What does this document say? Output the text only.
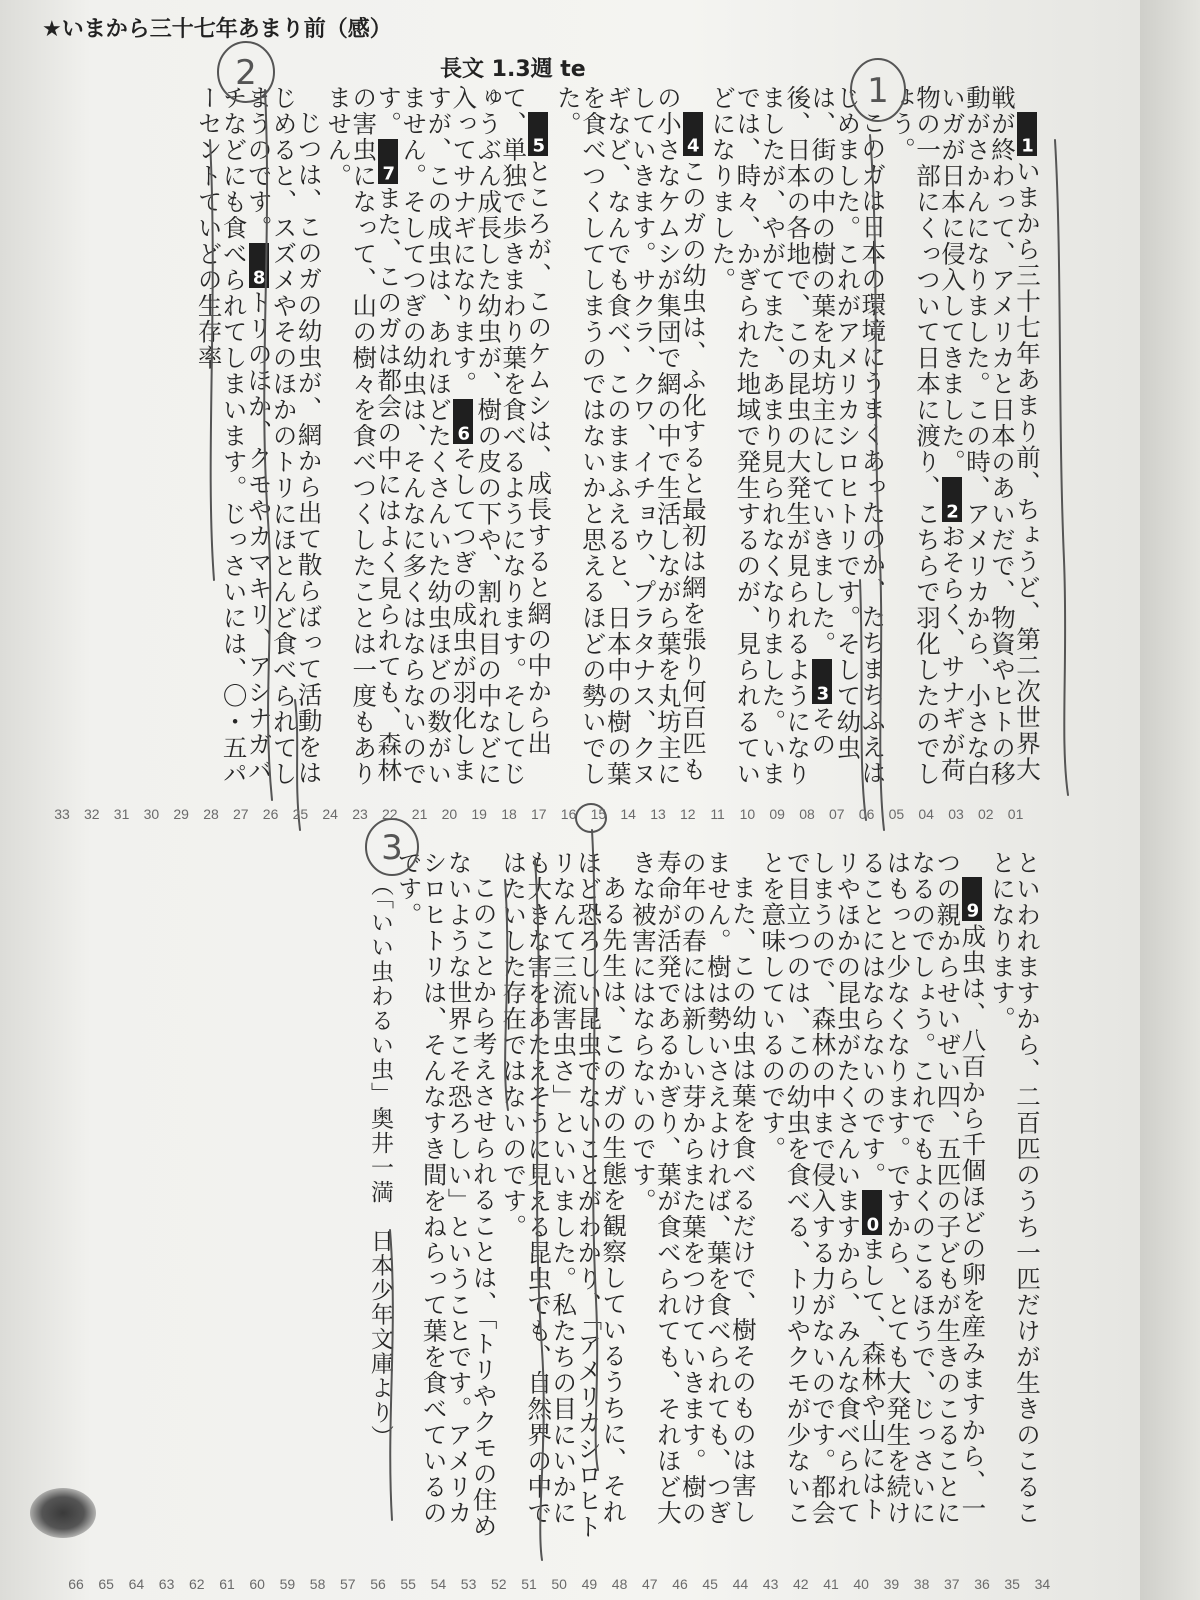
★いまから三十七年あまり前（感）
長文 1.3週 te

1いまから三十七年あまり前、ちょうど、第二次世界大戦が終わって、アメリカと日本のあいだで、物資やヒトの移動がさかんになりました。この時、アメリカから、小さな白いガが日本に侵入してきました。2おそらく、サナギが荷物の一部にくっついて日本に渡り、こちらで羽化したのでしょう。

このガは日本の環境にうまくあったのか、たちまちふえはじめました。これがアメリカシロヒトリです。そして幼虫は、街の中の樹の葉を丸坊主にしていきました。3その後、日本の各地で、この昆虫の大発生が見られるようになりましたが、やがてまた、あまり見られなくなりました。いまでは、時々、かぎられた地域で発生するのが、見られるていどになりました。

4このガの幼虫は、ふ化すると最初は網を張り何百匹もの小さなケムシが集団で網の中で生活しながら葉を丸坊主にしていきます。サクラ、クワ、イチョウ、プラタナス、クヌギなど、なんでも食べ、このままふえると、日本中の樹の葉を食べつくしてしまうのではないかと思えるほどの勢いでした。

5ところが、このケムシは、成長すると網の中から出て、単独で歩きまわり葉を食べるようになります。そしてじゅうぶん成長した幼虫が、樹の皮の下や、割れ目の中などに入ってサナギになります。6そしてつぎの成虫が羽化しますが、この成虫は、あれほどたくさんいた幼虫ほどの数がいません。そしてつぎの幼虫は、そんなに多くはならないのです。7また、このガは都会の中にはよく見られても、森林の害虫になって、山の樹々を食べつくしたことは一度もありません。

じつは、このガの幼虫が、網から出て散らばって活動をはじめると、スズメやそのほかのトリにほとんど食べられてしまうのです。8トリのほか、クモやカマキリ、アシナガバチなどにも食べられてしまいます。じっさいには、〇・五パーセントていどの生存率

といわれますから、二百匹のうち一匹だけが生きのこることになります。

9成虫は、八百から千個ほどの卵を産みますから、一つの親からせいぜい四、五匹の子どもが生きのこることになるのでしょう。これでもよくのこるほうで、じっさいにはもっと少なくなります。ですから、とても大発生を続けることにはならないのです。0まして、森林や山にはトリやほかの昆虫がたくさんいますから、みんな食べられてしまうので、森林の中まで侵入する力がないのです。都会で目立つのは、この幼虫を食べる、トリやクモが少ないことを意味しているのです。

また、この幼虫は葉を食べるだけで、樹そのものは害しません。樹は勢いさえよければ、葉を食べられても、つぎの年の春には新しい芽からまた葉をつけていきます。樹の寿命が活発であるかぎり、葉が食べられても、それほど大きな被害にはならないのです。

ある先生は、このガの生態を観察しているうちに、それほど恐ろしい昆虫でないことがわかり、「アメリカシロヒトリなんて三流害虫さ」といいました。私たちの目にいかにも大きな害をあたえそうに見える昆虫でも、自然界の中ではたいした存在ではないのです。

このことから考えさせられることは、「トリやクモの住めないような世界こそ恐ろしい」ということです。アメリカシロヒトリは、そんなすき間をねらって葉を食べているのです。

（「いい虫わるい虫」奥井一満　日本少年文庫より）

1
2
3
33	32	31	30	29	28	27	26	25	24	23	22	21	20	19	18	17	16	15	14	13	12	11	10	09	08	07	06	05	04	03	02	01
66	65	64	63	62	61	60	59	58	57	56	55	54	53	52	51	50	49	48	47	46	45	44	43	42	41	40	39	38	37	36	35	34
